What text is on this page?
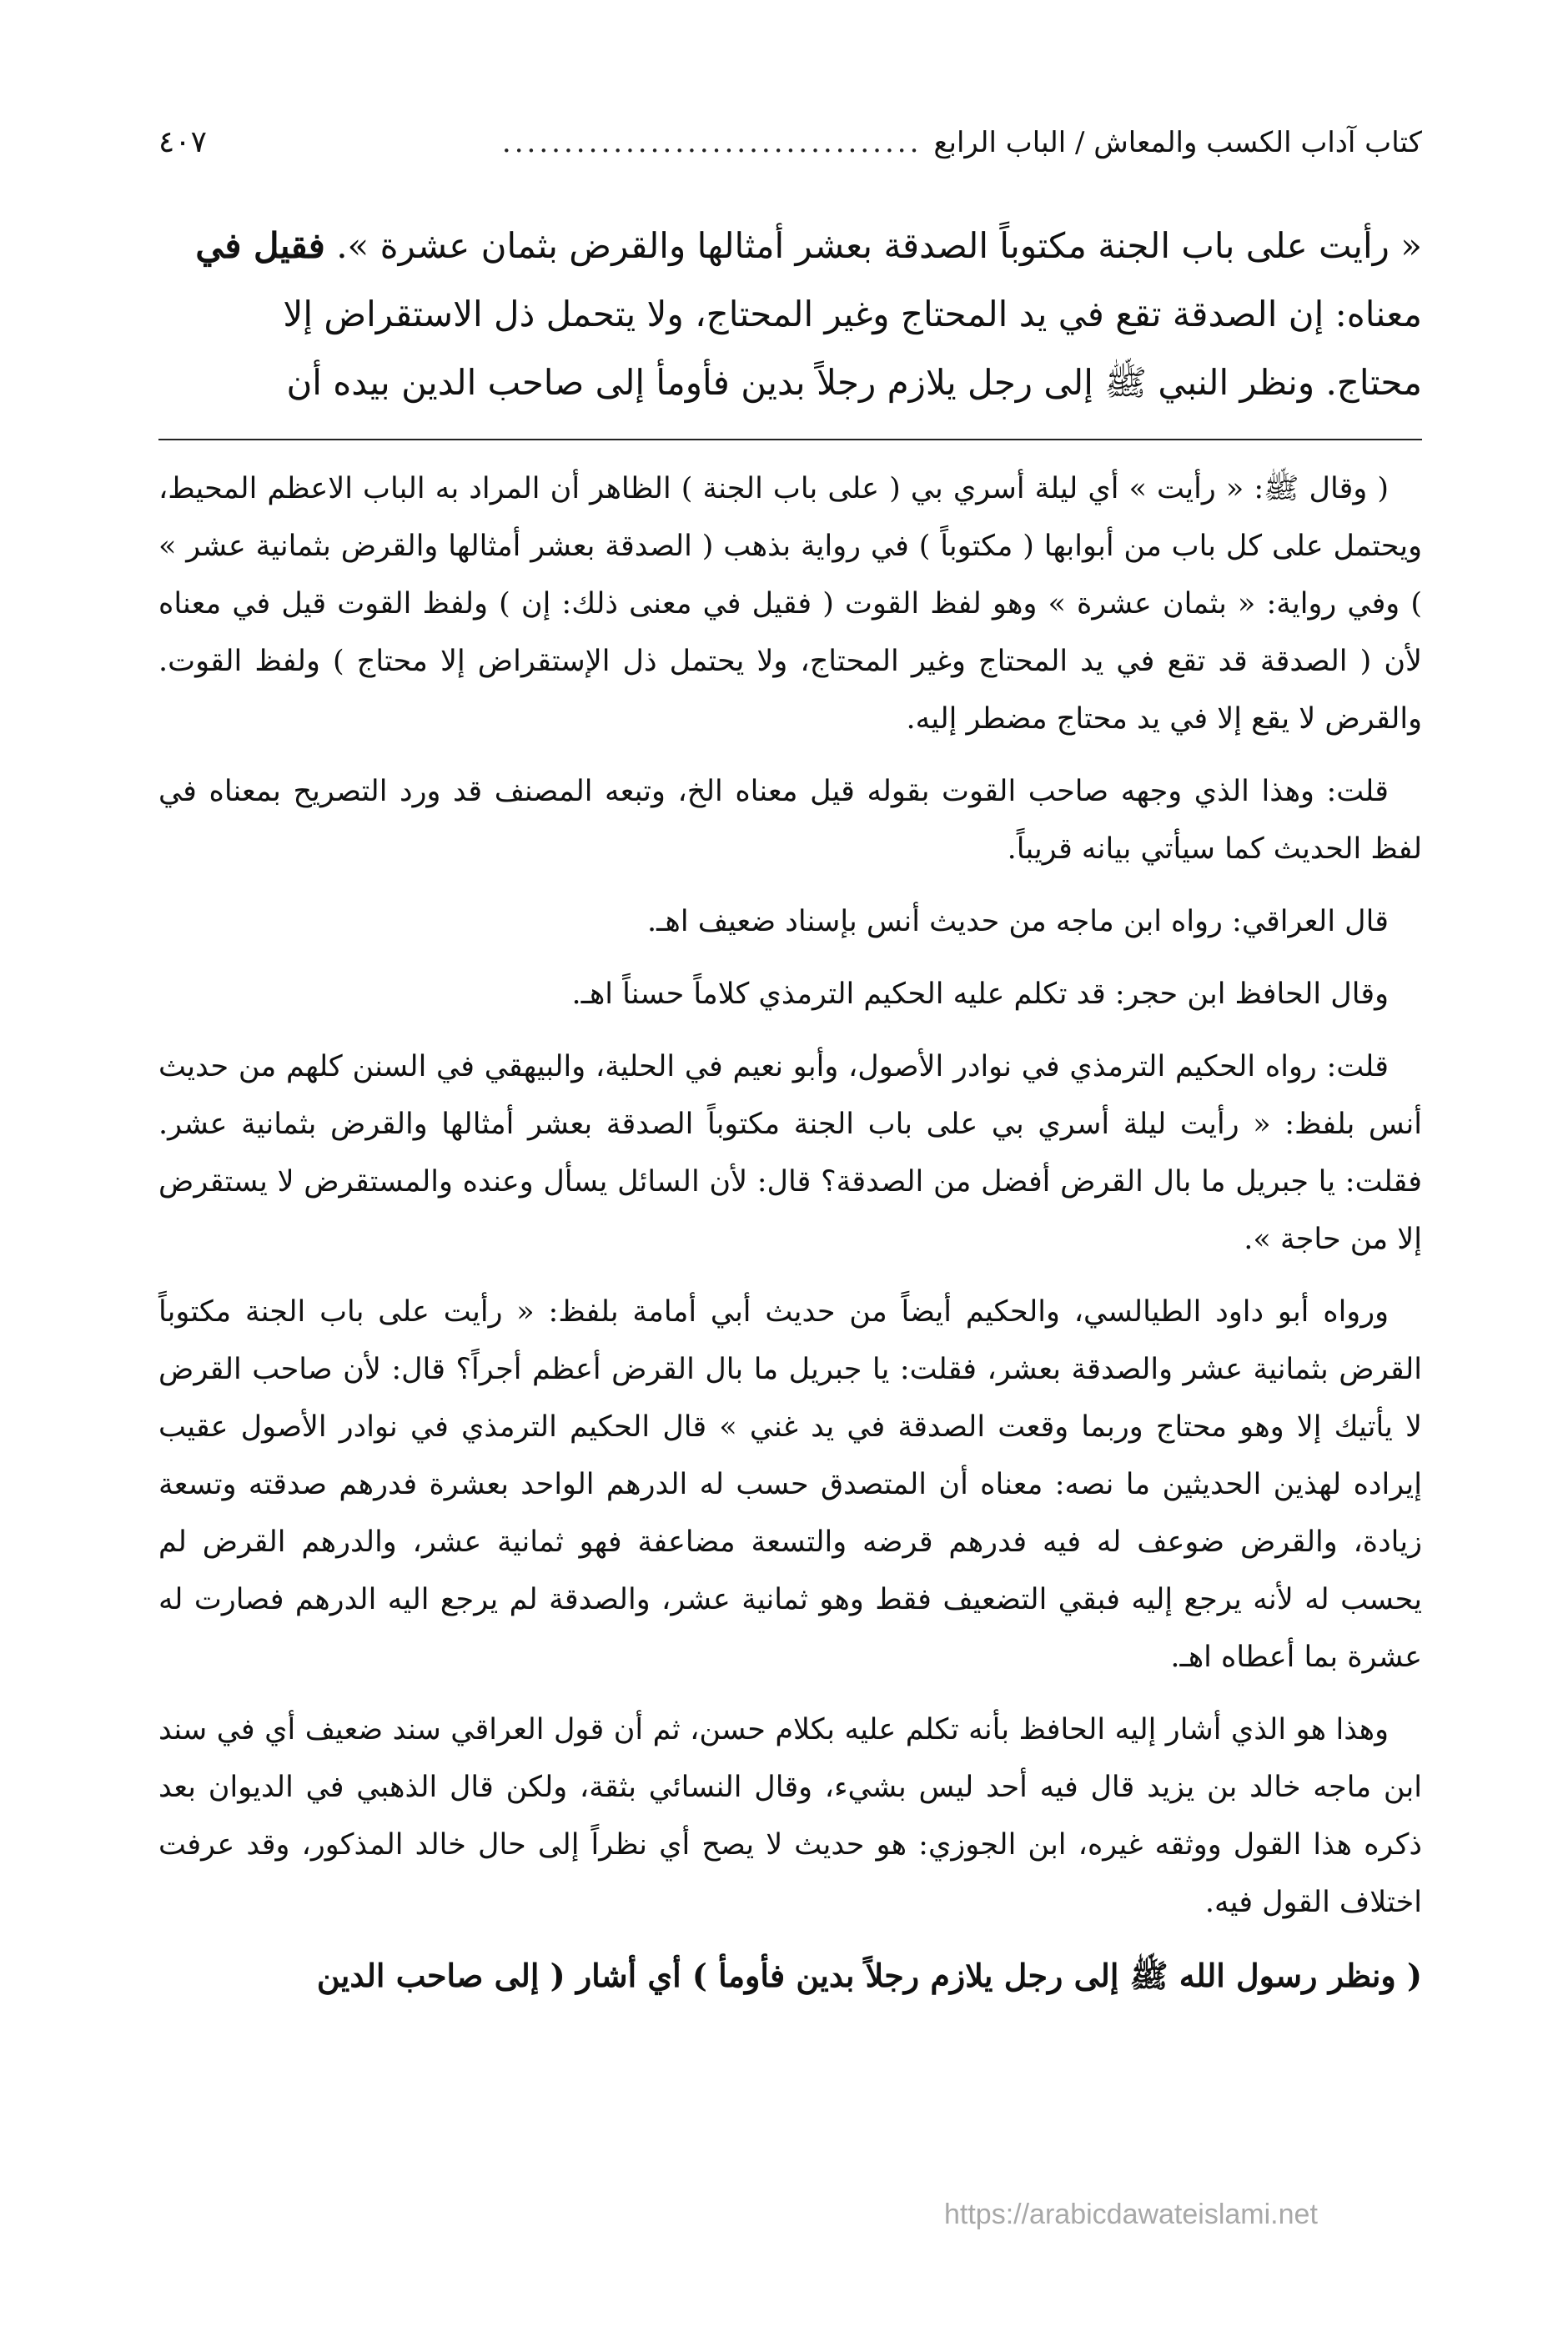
كتاب آداب الكسب والمعاش / الباب الرابع
..................................
٤٠٧
« رأيت على باب الجنة مكتوباً الصدقة بعشر أمثالها والقرض بثمان عشرة ». فقيل في
معناه: إن الصدقة تقع في يد المحتاج وغير المحتاج، ولا يتحمل ذل الاستقراض إلا
محتاج. ونظر النبي ﷺ إلى رجل يلازم رجلاً بدين فأومأ إلى صاحب الدين بيده أن

( وقال ﷺ: « رأيت » أي ليلة أسري بي ( على باب الجنة ) الظاهر أن المراد به الباب الاعظم المحيط، ويحتمل على كل باب من أبوابها ( مكتوباً ) في رواية بذهب ( الصدقة بعشر أمثالها والقرض بثمانية عشر » ) وفي رواية: « بثمان عشرة » وهو لفظ القوت ( فقيل في معنى ذلك: إن ) ولفظ القوت قيل في معناه لأن ( الصدقة قد تقع في يد المحتاج وغير المحتاج، ولا يحتمل ذل الإستقراض إلا محتاج ) ولفظ القوت. والقرض لا يقع إلا في يد محتاج مضطر إليه.

قلت: وهذا الذي وجهه صاحب القوت بقوله قيل معناه الخ، وتبعه المصنف قد ورد التصريح بمعناه في لفظ الحديث كما سيأتي بيانه قريباً.

قال العراقي: رواه ابن ماجه من حديث أنس بإسناد ضعيف اهـ.

وقال الحافظ ابن حجر: قد تكلم عليه الحكيم الترمذي كلاماً حسناً اهـ.

قلت: رواه الحكيم الترمذي في نوادر الأصول، وأبو نعيم في الحلية، والبيهقي في السنن كلهم من حديث أنس بلفظ: « رأيت ليلة أسري بي على باب الجنة مكتوباً الصدقة بعشر أمثالها والقرض بثمانية عشر. فقلت: يا جبريل ما بال القرض أفضل من الصدقة؟ قال: لأن السائل يسأل وعنده والمستقرض لا يستقرض إلا من حاجة ».

ورواه أبو داود الطيالسي، والحكيم أيضاً من حديث أبي أمامة بلفظ: « رأيت على باب الجنة مكتوباً القرض بثمانية عشر والصدقة بعشر، فقلت: يا جبريل ما بال القرض أعظم أجراً؟ قال: لأن صاحب القرض لا يأتيك إلا وهو محتاج وربما وقعت الصدقة في يد غني » قال الحكيم الترمذي في نوادر الأصول عقيب إيراده لهذين الحديثين ما نصه: معناه أن المتصدق حسب له الدرهم الواحد بعشرة فدرهم صدقته وتسعة زيادة، والقرض ضوعف له فيه فدرهم قرضه والتسعة مضاعفة فهو ثمانية عشر، والدرهم القرض لم يحسب له لأنه يرجع إليه فبقي التضعيف فقط وهو ثمانية عشر، والصدقة لم يرجع اليه الدرهم فصارت له عشرة بما أعطاه اهـ.

وهذا هو الذي أشار إليه الحافظ بأنه تكلم عليه بكلام حسن، ثم أن قول العراقي سند ضعيف أي في سند ابن ماجه خالد بن يزيد قال فيه أحد ليس بشيء، وقال النسائي بثقة، ولكن قال الذهبي في الديوان بعد ذكره هذا القول ووثقه غيره، ابن الجوزي: هو حديث لا يصح أي نظراً إلى حال خالد المذكور، وقد عرفت اختلاف القول فيه.

( ونظر رسول الله ﷺ إلى رجل يلازم رجلاً بدين فأومأ ) أي أشار ( إلى صاحب الدين

https://arabicdawateislami.net
